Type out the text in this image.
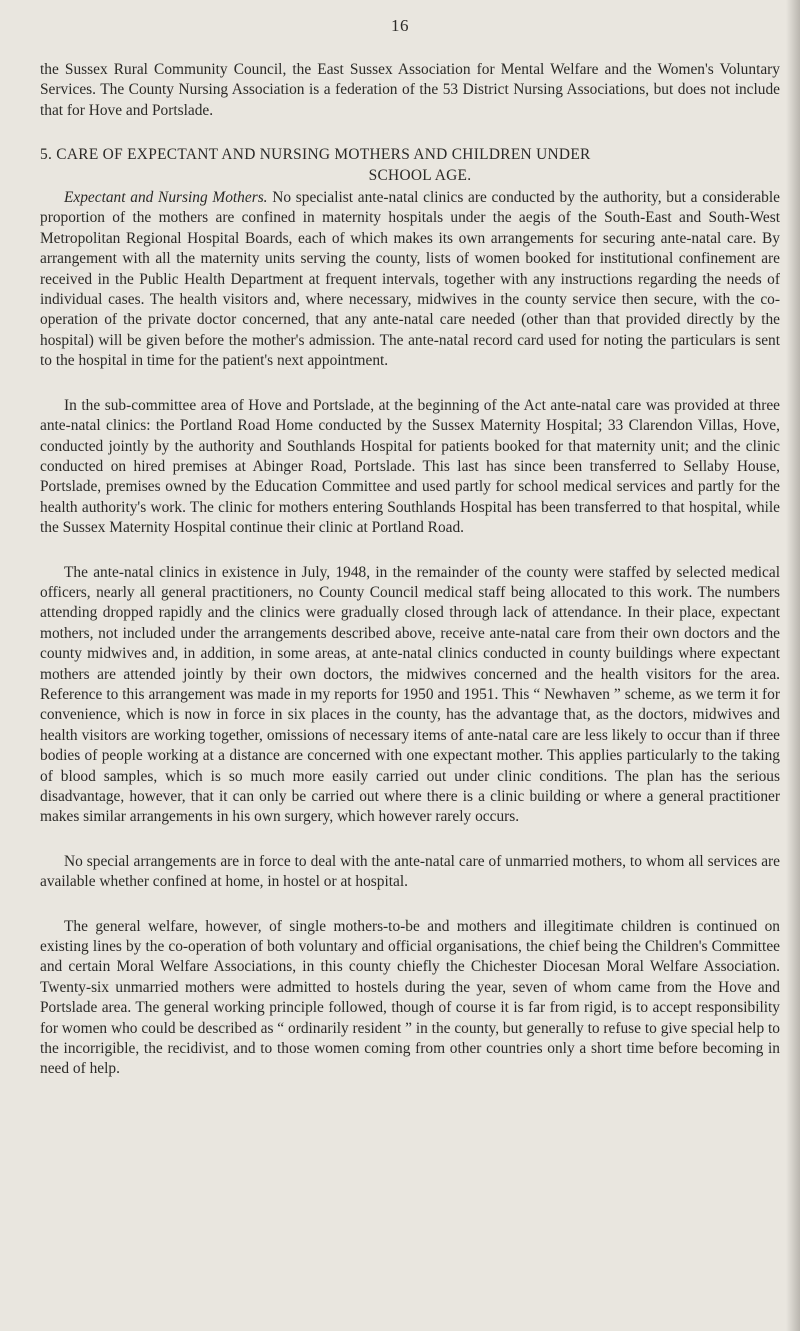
16

the Sussex Rural Community Council, the East Sussex Association for Mental Welfare and the Women's Voluntary Services. The County Nursing Association is a federation of the 53 District Nursing Associations, but does not include that for Hove and Portslade.

5. CARE OF EXPECTANT AND NURSING MOTHERS AND CHILDREN UNDER
SCHOOL AGE.

Expectant and Nursing Mothers. No specialist ante-natal clinics are conducted by the authority, but a considerable proportion of the mothers are confined in maternity hospitals under the aegis of the South-East and South-West Metropolitan Regional Hospital Boards, each of which makes its own arrangements for securing ante-natal care. By arrangement with all the maternity units serving the county, lists of women booked for institutional confinement are received in the Public Health Department at frequent intervals, together with any instructions regarding the needs of individual cases. The health visitors and, where necessary, midwives in the county service then secure, with the co-operation of the private doctor concerned, that any ante-natal care needed (other than that provided directly by the hospital) will be given before the mother's admission. The ante-natal record card used for noting the particulars is sent to the hospital in time for the patient's next appointment.

In the sub-committee area of Hove and Portslade, at the beginning of the Act ante-natal care was provided at three ante-natal clinics: the Portland Road Home conducted by the Sussex Maternity Hospital; 33 Clarendon Villas, Hove, conducted jointly by the authority and Southlands Hospital for patients booked for that maternity unit; and the clinic conducted on hired premises at Abinger Road, Portslade. This last has since been transferred to Sellaby House, Portslade, premises owned by the Education Committee and used partly for school medical services and partly for the health authority's work. The clinic for mothers entering Southlands Hospital has been transferred to that hospital, while the Sussex Maternity Hospital continue their clinic at Portland Road.

The ante-natal clinics in existence in July, 1948, in the remainder of the county were staffed by selected medical officers, nearly all general practitioners, no County Council medical staff being allocated to this work. The numbers attending dropped rapidly and the clinics were gradually closed through lack of attendance. In their place, expectant mothers, not included under the arrangements described above, receive ante-natal care from their own doctors and the county midwives and, in addition, in some areas, at ante-natal clinics conducted in county buildings where expectant mothers are attended jointly by their own doctors, the midwives concerned and the health visitors for the area. Reference to this arrangement was made in my reports for 1950 and 1951. This “ Newhaven ” scheme, as we term it for convenience, which is now in force in six places in the county, has the advantage that, as the doctors, midwives and health visitors are working together, omissions of necessary items of ante-natal care are less likely to occur than if three bodies of people working at a distance are concerned with one expectant mother. This applies particularly to the taking of blood samples, which is so much more easily carried out under clinic conditions. The plan has the serious disadvantage, however, that it can only be carried out where there is a clinic building or where a general practitioner makes similar arrangements in his own surgery, which however rarely occurs.

No special arrangements are in force to deal with the ante-natal care of unmarried mothers, to whom all services are available whether confined at home, in hostel or at hospital.

The general welfare, however, of single mothers-to-be and mothers and illegitimate children is continued on existing lines by the co-operation of both voluntary and official organisations, the chief being the Children's Committee and certain Moral Welfare Associations, in this county chiefly the Chichester Diocesan Moral Welfare Association. Twenty-six unmarried mothers were admitted to hostels during the year, seven of whom came from the Hove and Portslade area. The general working principle followed, though of course it is far from rigid, is to accept responsibility for women who could be described as “ ordinarily resident ” in the county, but generally to refuse to give special help to the incorrigible, the recidivist, and to those women coming from other countries only a short time before becoming in need of help.
